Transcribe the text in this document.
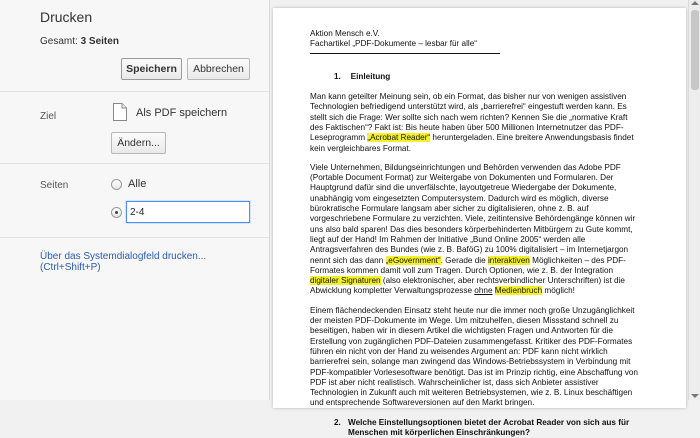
Drucken
Gesamt: 3 Seiten
Speichern	Abbrechen
Ziel	Als PDF speichern
Ändern...
Seiten	Alle
2-4
Über das Systemdialogfeld drucken... (Ctrl+Shift+P)
Aktion Mensch e.V.
Fachartikel „PDF-Dokumente – lesbar für alle“
1. Einleitung
Man kann geteilter Meinung sein, ob ein Format, das bisher nur von wenigen assistiven Technologien befriedigend unterstützt wird, als „barrierefrei“ eingestuft werden kann. Es stellt sich die Frage: Wer sollte sich nach wem richten? Kennen Sie die „normative Kraft des Faktischen“? Fakt ist: Bis heute haben über 500 Millionen Internetnutzer das PDF-Leseprogramm „Acrobat Reader“ heruntergeladen. Eine breitere Anwendungsbasis findet kein vergleichbares Format.
Viele Unternehmen, Bildungseinrichtungen und Behörden verwenden das Adobe PDF (Portable Document Format) zur Weitergabe von Dokumenten und Formularen. Der Hauptgrund dafür sind die unverfälschte, layoutgetreue Wiedergabe der Dokumente, unabhängig vom eingesetzten Computersystem. Dadurch wird es möglich, diverse bürokratische Formulare langsam aber sicher zu digitalisieren, ohne z. B. auf vorgeschriebene Formulare zu verzichten. Viele, zeitintensive Behördengänge können wir uns also bald sparen! Das dies besonders körperbehinderten Mitbürgern zu Gute kommt, liegt auf der Hand! Im Rahmen der Initiative „Bund Online 2005“ werden alle Antragsverfahren des Bundes (wie z. B. BaföG) zu 100% digitalisiert – im Internetjargon nennt sich das dann „eGovernment“. Gerade die interaktiven Möglichkeiten – des PDF-Formates kommen damit voll zum Tragen. Durch Optionen, wie z. B. der Integration digitaler Signaturen (also elektronischer, aber rechtsverbindlicher Unterschriften) ist die Abwicklung kompletter Verwaltungsprozesse ohne Medienbruch möglich!
Einem flächendeckenden Einsatz steht heute nur die immer noch große Unzugänglichkeit der meisten PDF-Dokumente im Wege. Um mitzuhelfen, diesen Missstand schnell zu beseitigen, haben wir in diesem Artikel die wichtigsten Fragen und Antworten für die Erstellung von zugänglichen PDF-Dateien zusammengefasst. Kritiker des PDF-Formates führen ein nicht von der Hand zu weisendes Argument an: PDF kann nicht wirklich barrierefrei sein, solange man zwingend das Windows-Betriebssystem in Verbindung mit PDF-kompatibler Vorlesesoftware benötigt. Das ist im Prinzip richtig, eine Abschaffung von PDF ist aber nicht realistisch. Wahrscheinlicher ist, dass sich Anbieter assistiver Technologien in Zukunft auch mit weiteren Betriebsystemen, wie z. B. Linux beschäftigen und entsprechende Softwareversionen auf den Markt bringen.
2. Welche Einstellungsoptionen bietet der Acrobat Reader von sich aus für Menschen mit körperlichen Einschränkungen?
